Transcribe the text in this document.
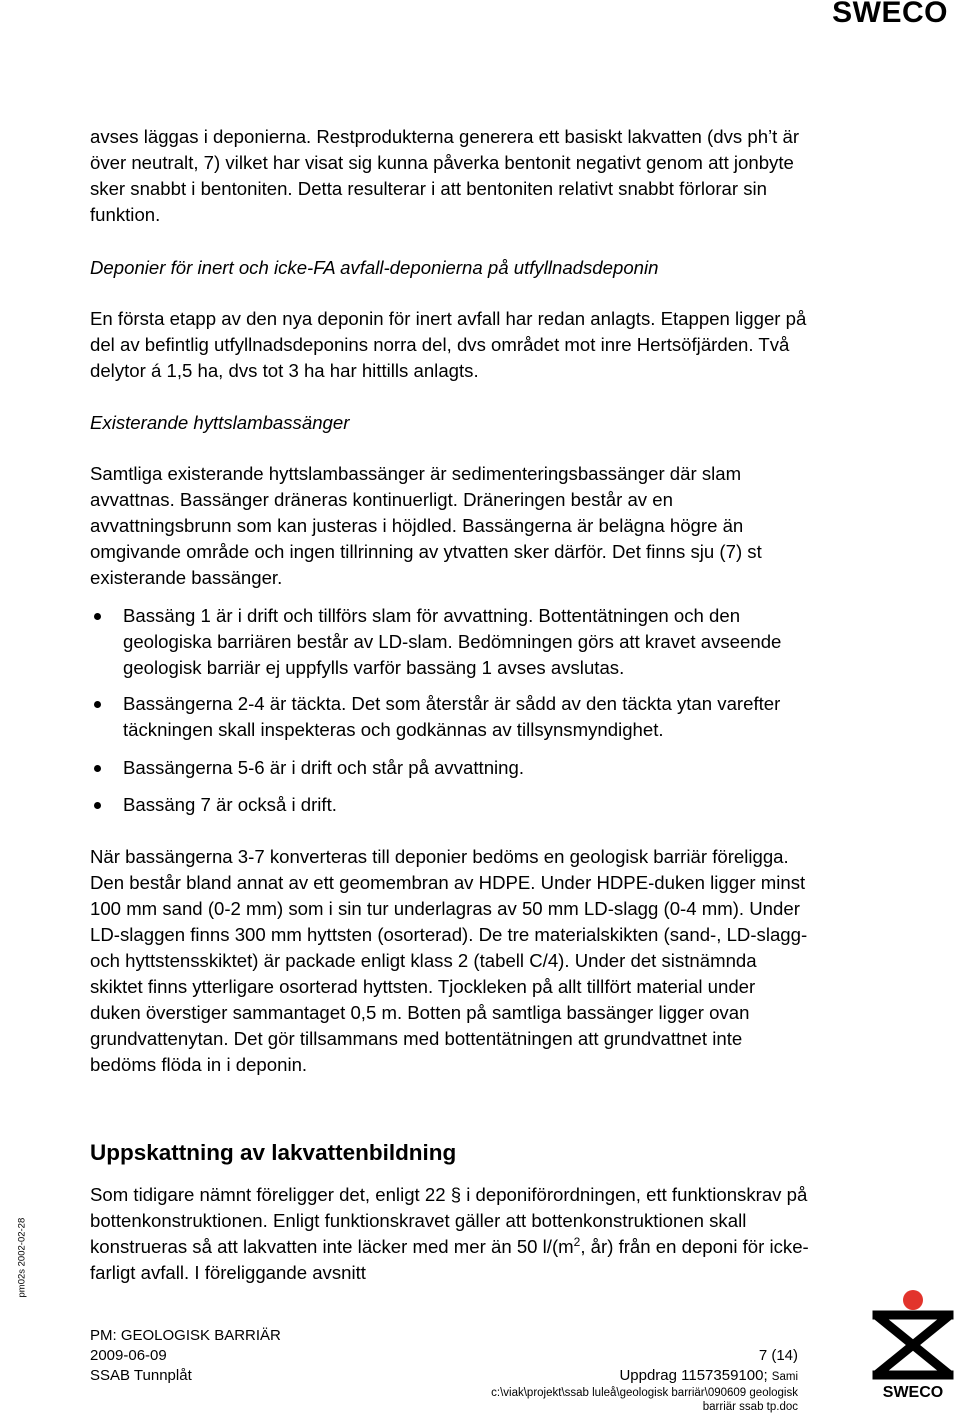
SWECO

avses läggas i deponierna. Restprodukterna generera ett basiskt lakvatten (dvs ph’t är över neutralt, 7) vilket har visat sig kunna påverka bentonit negativt genom att jonbyte sker snabbt i bentoniten. Detta resulterar i att bentoniten relativt snabbt förlorar sin funktion.

Deponier för inert och icke-FA avfall-deponierna på utfyllnadsdeponin

En första etapp av den nya deponin för inert avfall har redan anlagts. Etappen ligger på del av befintlig utfyllnadsdeponins norra del, dvs området mot inre Hertsöfjärden. Två delytor á 1,5 ha, dvs tot 3 ha har hittills anlagts.

Existerande hyttslambassänger

Samtliga existerande hyttslambassänger är sedimenteringsbassänger där slam avvattnas. Bassänger dräneras kontinuerligt. Dräneringen består av en avvattningsbrunn som kan justeras i höjdled. Bassängerna är belägna högre än omgivande område och ingen tillrinning av ytvatten sker därför. Det finns sju (7) st existerande bassänger.

Bassäng 1 är i drift och tillförs slam för avvattning. Bottentätningen och den geologiska barriären består av LD-slam. Bedömningen görs att kravet avseende geologisk barriär ej uppfylls varför bassäng 1 avses avslutas.
Bassängerna 2-4 är täckta. Det som återstår är sådd av den täckta ytan varefter täckningen skall inspekteras och godkännas av tillsynsmyndighet.
Bassängerna 5-6 är i drift och står på avvattning.
Bassäng 7 är också i drift.

När bassängerna 3-7 konverteras till deponier bedöms en geologisk barriär föreligga. Den består bland annat av ett geomembran av HDPE. Under HDPE-duken ligger minst 100 mm sand (0-2 mm) som i sin tur underlagras av 50 mm LD-slagg (0-4 mm). Under LD-slaggen finns 300 mm hyttsten (osorterad). De tre materialskikten (sand-, LD-slagg- och hyttstensskiktet) är packade enligt klass 2 (tabell C/4). Under det sistnämnda skiktet finns ytterligare osorterad hyttsten. Tjockleken på allt tillfört material under duken överstiger sammantaget 0,5 m. Botten på samtliga bassänger ligger ovan grundvattenytan. Det gör tillsammans med bottentätningen att grundvattnet inte bedöms flöda in i deponin.

Uppskattning av lakvattenbildning

Som tidigare nämnt föreligger det, enligt 22 § i deponiförordningen, ett funktionskrav på bottenkonstruktionen. Enligt funktionskravet gäller att bottenkonstruktionen skall konstrueras så att lakvatten inte läcker med mer än 50 $l/(m^2$, år) från en deponi för icke-farligt avfall. I föreliggande avsnitt

pm02s 2002-02-28
PM: GEOLOGISK BARRIÄR
2009-06-09
SSAB Tunnplåt
7 (14)
Uppdrag 1157359100; Sami
c:\viak\projekt\ssab luleå\geologisk barriär\090609 geologisk
barriär ssab tp.doc
SWECO
